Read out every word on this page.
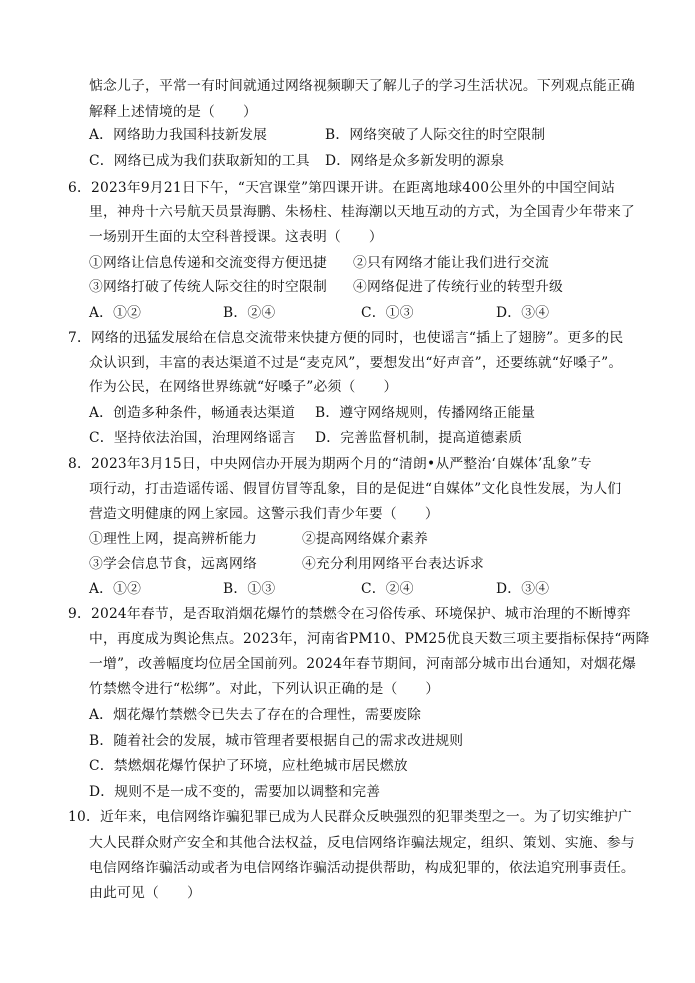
惦念儿子，平常一有时间就通过网络视频聊天了解儿子的学习生活状况。下列观点能正确
解释上述情境的是（　　）
A．网络助力我国科技新发展	B．网络突破了人际交往的时空限制
C．网络已成为我们获取新知的工具 D．网络是众多新发明的源泉
6．2023年9月21日下午，“天宫课堂”第四课开讲。在距离地球400公里外的中国空间站
里，神舟十六号航天员景海鹏、朱杨柱、桂海潮以天地互动的方式，为全国青少年带来了
一场别开生面的太空科普授课。这表明（　　）
①网络让信息传递和交流变得方便迅捷 ②只有网络才能让我们进行交流
③网络打破了传统人际交往的时空限制 ④网络促进了传统行业的转型升级
A．①②	B．②④	C．①③	D．③④
7．网络的迅猛发展给在信息交流带来快捷方便的同时，也使谣言“插上了翅膀”。更多的民
众认识到，丰富的表达渠道不过是“麦克风”，要想发出“好声音”，还要练就“好嗓子”。
作为公民，在网络世界练就“好嗓子”必须（　　）
A．创造多种条件，畅通表达渠道 B．遵守网络规则，传播网络正能量
C．坚持依法治国，治理网络谣言 D．完善监督机制，提高道德素质
8．2023年3月15日，中央网信办开展为期两个月的“清朗•从严整治‘自媒体’乱象”专
项行动，打击造谣传谣、假冒仿冒等乱象，目的是促进“自媒体”文化良性发展，为人们
营造文明健康的网上家园。这警示我们青少年要（　　）
①理性上网，提高辨析能力	②提高网络媒介素养
③学会信息节食，远离网络	④充分利用网络平台表达诉求
A．①②	B．①③	C．②④	D．③④
9．2024年春节，是否取消烟花爆竹的禁燃令在习俗传承、环境保护、城市治理的不断博弈
中，再度成为舆论焦点。2023年，河南省PM10、PM25优良天数三项主要指标保持“两降
一增”，改善幅度均位居全国前列。2024年春节期间，河南部分城市出台通知，对烟花爆
竹禁燃令进行“松绑”。对此，下列认识正确的是（　　）
A．烟花爆竹禁燃令已失去了存在的合理性，需要废除
B．随着社会的发展，城市管理者要根据自己的需求改进规则
C．禁燃烟花爆竹保护了环境，应杜绝城市居民燃放
D．规则不是一成不变的，需要加以调整和完善
10．近年来，电信网络诈骗犯罪已成为人民群众反映强烈的犯罪类型之一。为了切实维护广
大人民群众财产安全和其他合法权益，反电信网络诈骗法规定，组织、策划、实施、参与
电信网络诈骗活动或者为电信网络诈骗活动提供帮助，构成犯罪的，依法追究刑事责任。
由此可见（　　）
